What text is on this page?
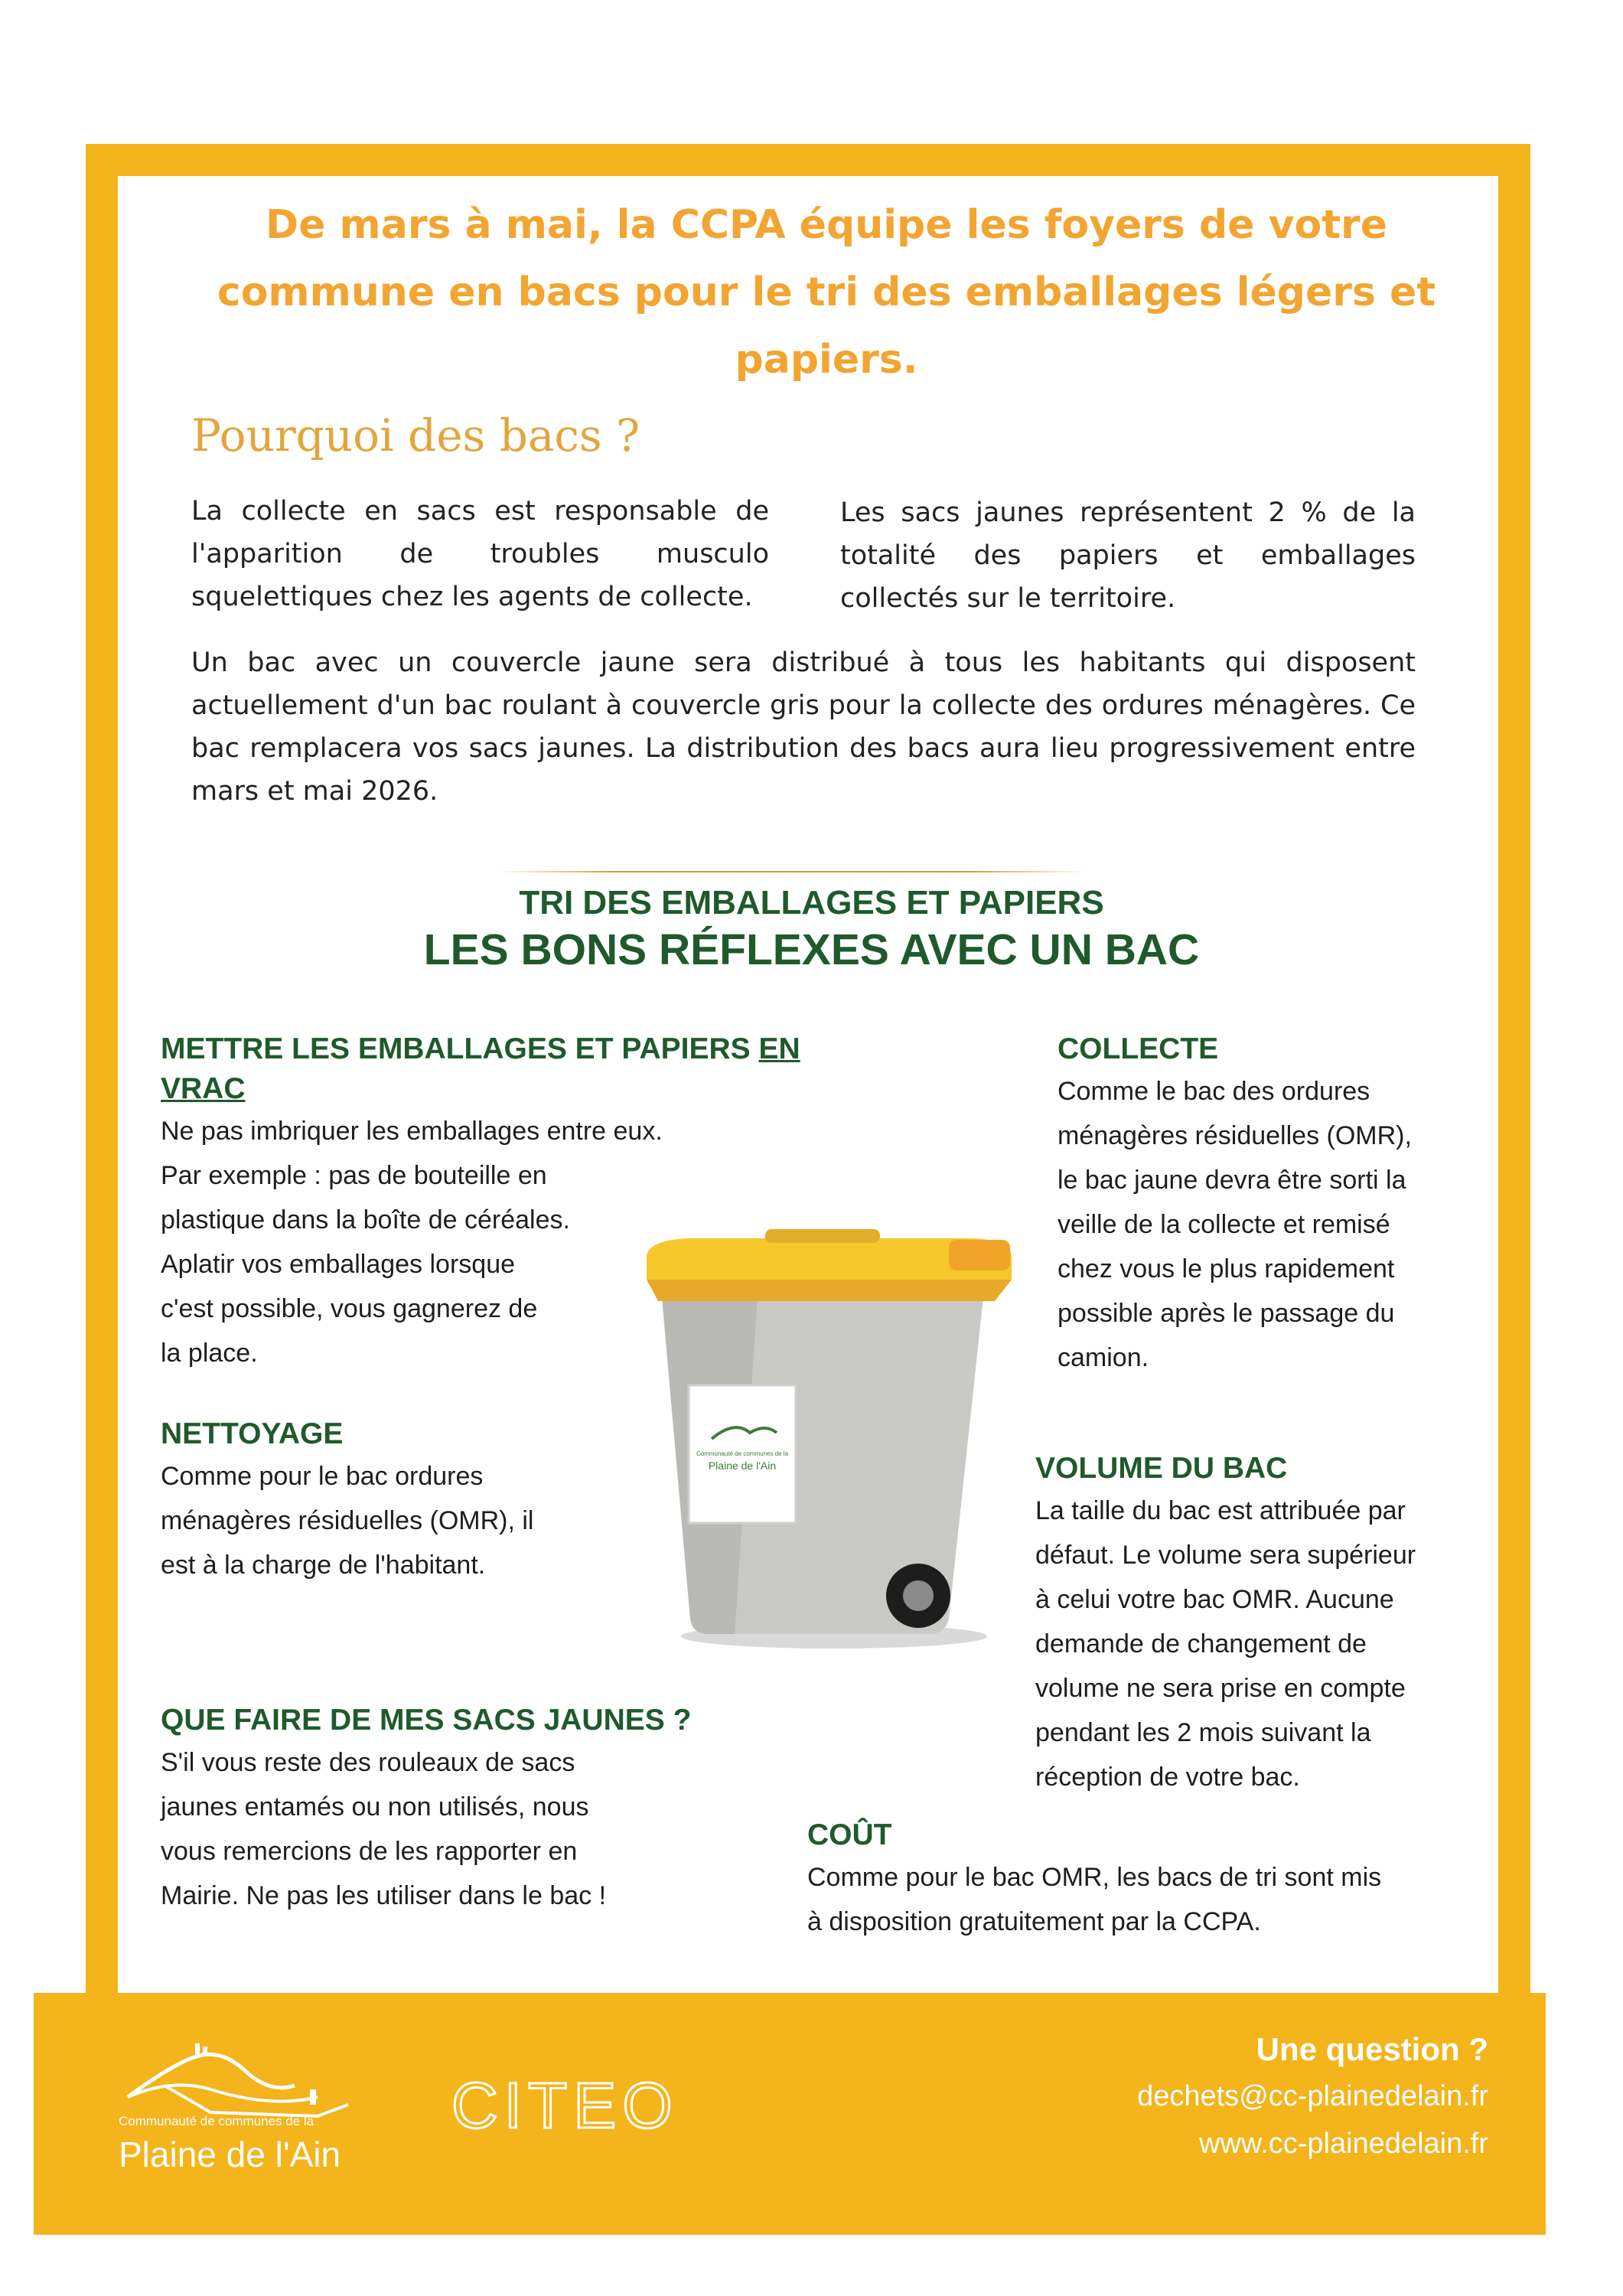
De mars à mai, la CCPA équipe les foyers de votre
commune en bacs pour le tri des emballages légers et
papiers.
Pourquoi des bacs ?
La collecte en sacs est responsable de l'apparition de troubles musculo squelettiques chez les agents de collecte.
Les sacs jaunes représentent 2 % de la totalité des papiers et emballages collectés sur le territoire.
Un bac avec un couvercle jaune sera distribué à tous les habitants qui disposent actuellement d'un bac roulant à couvercle gris pour la collecte des ordures ménagères. Ce bac remplacera vos sacs jaunes. La distribution des bacs aura lieu progressivement entre mars et mai 2026.
TRI DES EMBALLAGES ET PAPIERS
LES BONS RÉFLEXES AVEC UN BAC
METTRE LES EMBALLAGES ET PAPIERS EN VRAC

Ne pas imbriquer les emballages entre eux.

Par exemple : pas de bouteille en

plastique dans la boîte de céréales.

Aplatir vos emballages lorsque

c'est possible, vous gagnerez de

la place.

COLLECTE

Comme le bac des ordures

ménagères résiduelles (OMR),

le bac jaune devra être sorti la

veille de la collecte et remisé

chez vous le plus rapidement

possible après le passage du

camion.

NETTOYAGE

Comme pour le bac ordures

ménagères résiduelles (OMR), il

est à la charge de l'habitant.

VOLUME DU BAC

La taille du bac est attribuée par

défaut. Le volume sera supérieur

à celui votre bac OMR. Aucune

demande de changement de

volume ne sera prise en compte

pendant les 2 mois suivant la

réception de votre bac.

QUE FAIRE DE MES SACS JAUNES ?

S'il vous reste des rouleaux de sacs

jaunes entamés ou non utilisés, nous

vous remercions de les rapporter en

Mairie. Ne pas les utiliser dans le bac !

COÛT

Comme pour le bac OMR, les bacs de tri sont mis

à disposition gratuitement par la CCPA.

Communauté de communes de la
Plaine de l'Ain
Communauté de communes de la
Plaine de l'Ain
CITEO
Une question ?
dechets@cc-plainedelain.fr
www.cc-plainedelain.fr
